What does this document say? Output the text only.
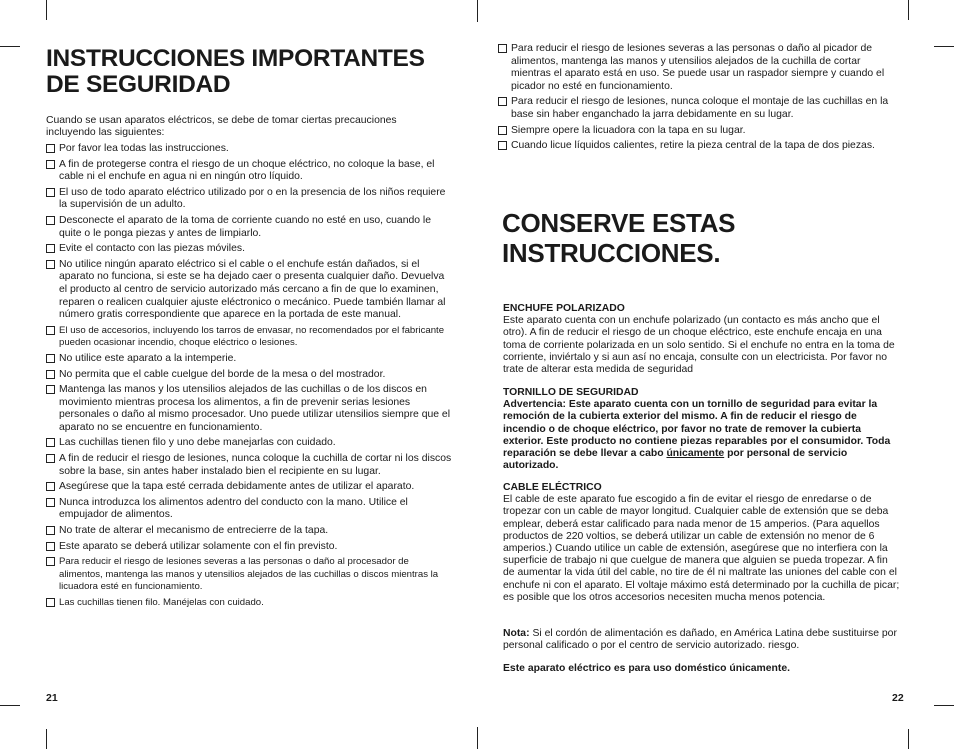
INSTRUCCIONES IMPORTANTES
DE SEGURIDAD
Cuando se usan aparatos eléctricos, se debe de tomar ciertas precauciones incluyendo las siguientes:
Por favor lea todas las instrucciones.
A fin de protegerse contra el riesgo de un choque eléctrico, no coloque la base, el cable ni el enchufe en agua ni en ningún otro líquido.
El uso de todo aparato eléctrico utilizado por o en la presencia de los niños requiere la supervisión de un adulto.
Desconecte el aparato de la toma de corriente cuando no esté en uso, cuando le quite o le ponga piezas y antes de limpiarlo.
Evite el contacto con las piezas móviles.
No utilice ningún aparato eléctrico si el cable o el enchufe están dañados, si el aparato no funciona, si este se ha dejado caer o presenta cualquier daño. Devuelva el producto al centro de servicio autorizado más cercano a fin de que lo examinen, reparen o realicen cualquier ajuste eléctronico o mecánico. Puede también llamar al número gratis correspondiente que aparece en la portada de este manual.
El uso de accesorios, incluyendo los tarros de envasar, no recomendados por el fabricante pueden ocasionar incendio, choque eléctrico o lesiones.
No utilice este aparato a la intemperie.
No permita que el cable cuelgue del borde de la mesa o del mostrador.
Mantenga las manos y los utensilios alejados de las cuchillas o de los discos en movimiento mientras procesa los alimentos, a fin de prevenir serias lesiones personales o daño al mismo procesador. Uno puede utilizar utensilios siempre que el aparato no se encuentre en funcionamiento.
Las cuchillas tienen filo y uno debe manejarlas con cuidado.
A fin de reducir el riesgo de lesiones, nunca coloque la cuchilla de cortar ni los discos sobre la base, sin antes haber instalado bien el recipiente en su lugar.
Asegúrese que la tapa esté cerrada debidamente antes de utilizar el aparato.
Nunca introduzca los alimentos adentro del conducto con la mano. Utilice el empujador de alimentos.
No trate de alterar el mecanismo de entrecierre de la tapa.
Este aparato se deberá utilizar solamente con el fin previsto.
Para reducir el riesgo de lesiones severas a las personas o daño al procesador de alimentos, mantenga las manos y utensilios alejados de las cuchillas o discos mientras la licuadora esté en funcionamiento.
Las cuchillas tienen filo. Manéjelas con cuidado.
21
Para reducir el riesgo de lesiones severas a las personas o daño al picador de alimentos, mantenga las manos y utensilios alejados de la cuchilla de cortar mientras el aparato está en uso. Se puede usar un raspador siempre y cuando el picador no esté en funcionamiento.
Para reducir el riesgo de lesiones, nunca coloque el montaje de las cuchillas en la base sin haber enganchado la jarra debidamente en su lugar.
Siempre opere la licuadora con la tapa en su lugar.
Cuando licue líquidos calientes, retire la pieza central de la tapa de dos piezas.
CONSERVE ESTAS
INSTRUCCIONES.
ENCHUFE POLARIZADO
Este aparato cuenta con un enchufe polarizado (un contacto es más ancho que el otro). A fin de reducir el riesgo de un choque eléctrico, este enchufe encaja en una toma de corriente polarizada en un solo sentido. Si el enchufe no entra en la toma de corriente, inviértalo y si aun así no encaja, consulte con un electricista. Por favor no trate de alterar esta medida de seguridad
TORNILLO DE SEGURIDAD
Advertencia: Este aparato cuenta con un tornillo de seguridad para evitar la remoción de la cubierta exterior del mismo. A fin de reducir el riesgo de incendio o de choque eléctrico, por favor no trate de remover la cubierta exterior. Este producto no contiene piezas reparables por el consumidor. Toda reparación se debe llevar a cabo únicamente por personal de servicio autorizado.
CABLE ELÉCTRICO
El cable de este aparato fue escogido a fin de evitar el riesgo de enredarse o de tropezar con un cable de mayor longitud. Cualquier cable de extensión que se deba emplear, deberá estar calificado para nada menor de 15 amperios. (Para aquellos productos de 220 voltios, se deberá utilizar un cable de extensión no menor de 6 amperios.) Cuando utilice un cable de extensión, asegúrese que no interfiera con la superficie de trabajo ni que cuelgue de manera que alguien se pueda tropezar. A fin de aumentar la vida útil del cable, no tire de él ni maltrate las uniones del cable con el enchufe ni con el aparato. El voltaje máximo está determinado por la cuchilla de picar; es posible que los otros accesorios necesiten mucha menos potencia.
Nota: Si el cordón de alimentación es dañado, en América Latina debe sustituirse por personal calificado o por el centro de servicio autorizado. riesgo.
Este aparato eléctrico es para uso doméstico únicamente.
22
